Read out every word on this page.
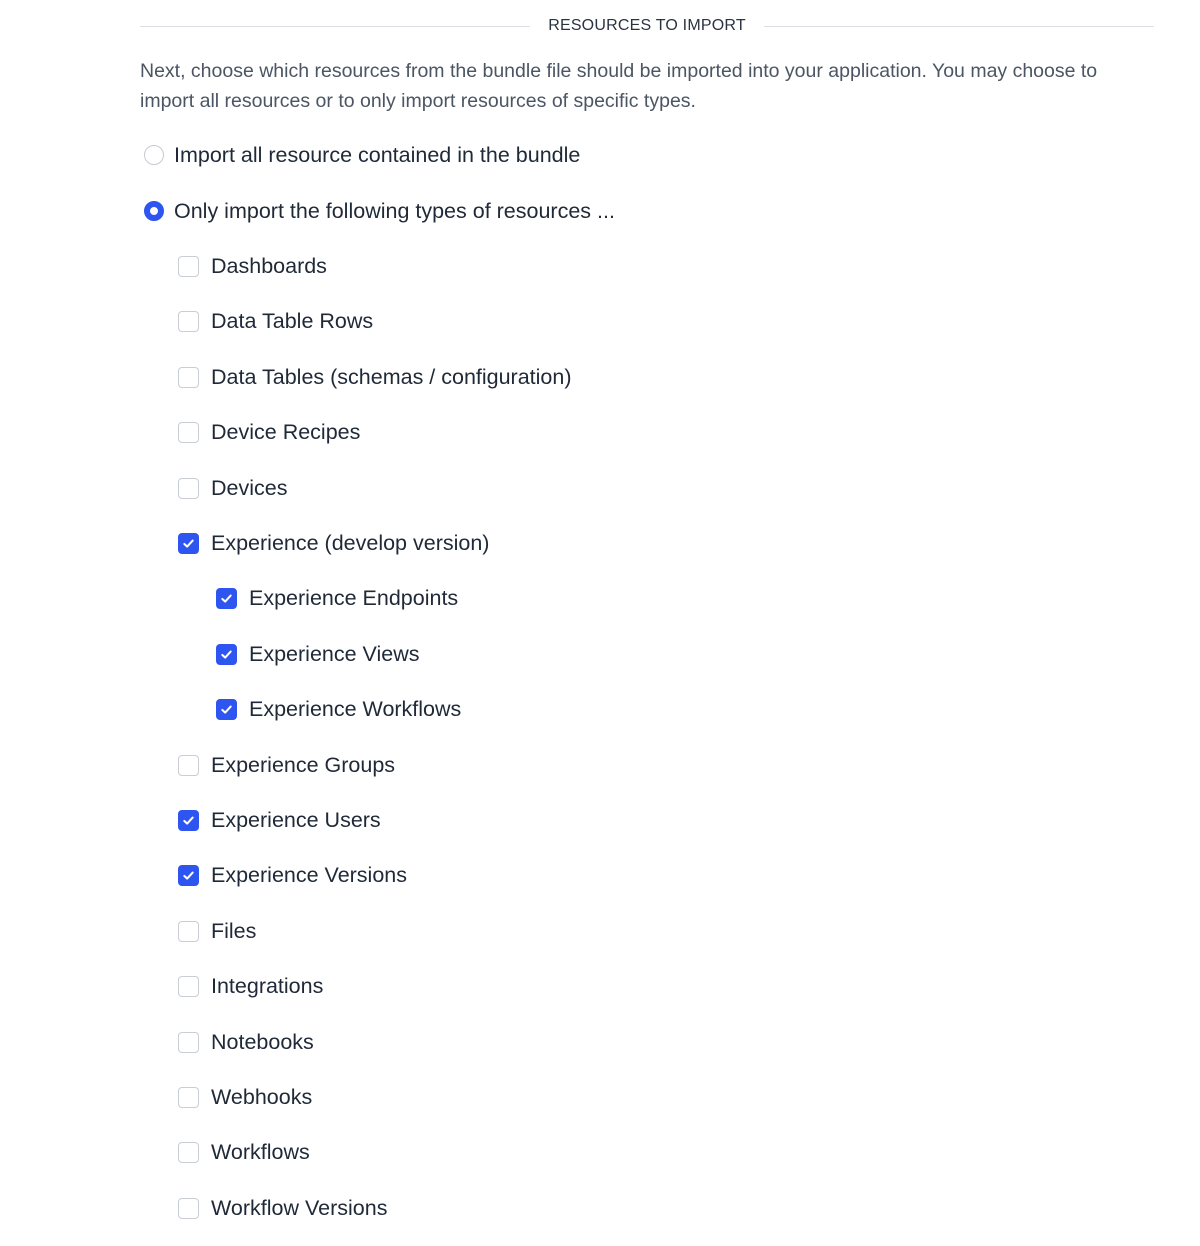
RESOURCES TO IMPORT
Next, choose which resources from the bundle file should be imported into your application. You may choose to import all resources or to only import resources of specific types.
Import all resource contained in the bundle
Only import the following types of resources ...
Dashboards
Data Table Rows
Data Tables (schemas / configuration)
Device Recipes
Devices
Experience (develop version)
Experience Endpoints
Experience Views
Experience Workflows
Experience Groups
Experience Users
Experience Versions
Files
Integrations
Notebooks
Webhooks
Workflows
Workflow Versions
